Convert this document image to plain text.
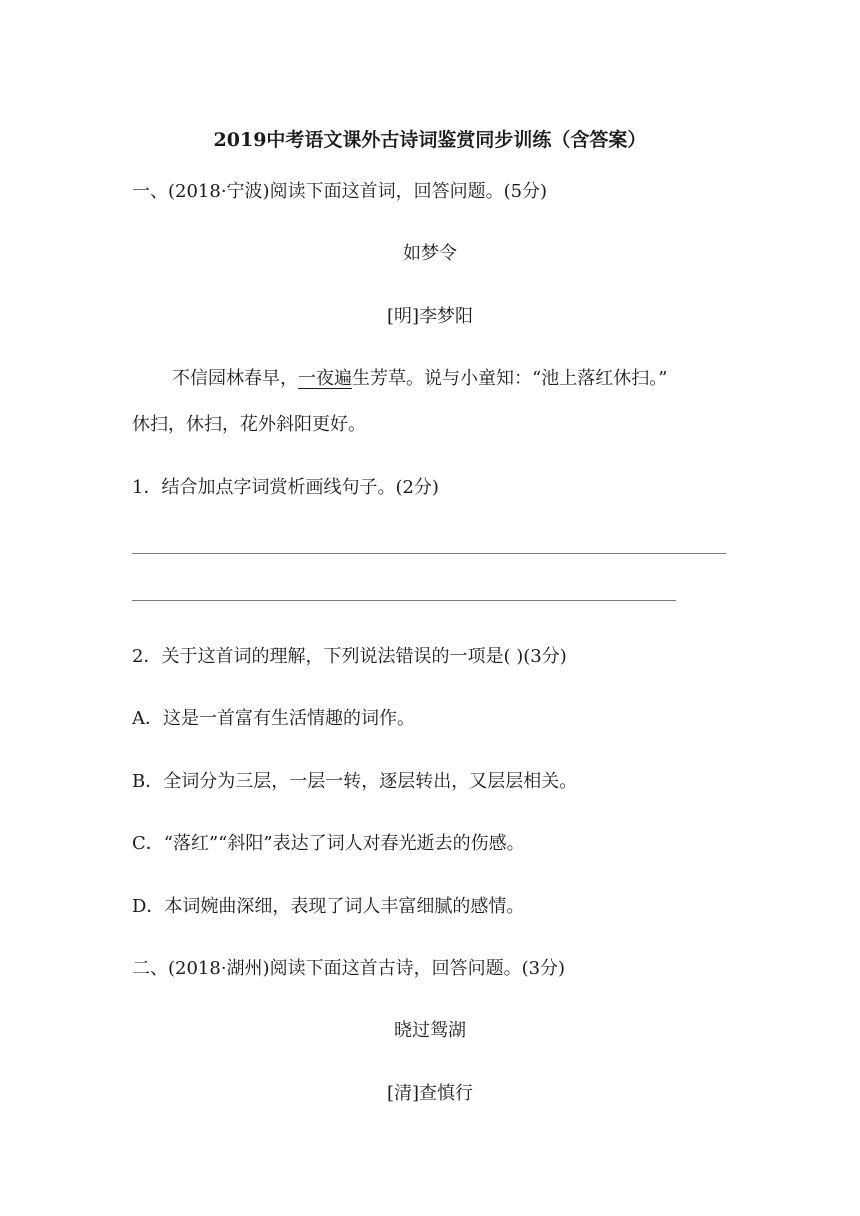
2019中考语文课外古诗词鉴赏同步训练（含答案）
一、(2018·宁波)阅读下面这首词，回答问题。(5分)
如梦令
[明]李梦阳
不信园林春早，一夜遍生芳草。说与小童知：“池上落红休扫。”
休扫，休扫，花外斜阳更好。
1．结合加点字词赏析画线句子。(2分)
2．关于这首词的理解，下列说法错误的一项是( )(3分)
A．这是一首富有生活情趣的词作。
B．全词分为三层，一层一转，逐层转出，又层层相关。
C．“落红”“斜阳”表达了词人对春光逝去的伤感。
D．本词婉曲深细，表现了词人丰富细腻的感情。
二、(2018·湖州)阅读下面这首古诗，回答问题。(3分)
晓过鸳湖
[清]查慎行
